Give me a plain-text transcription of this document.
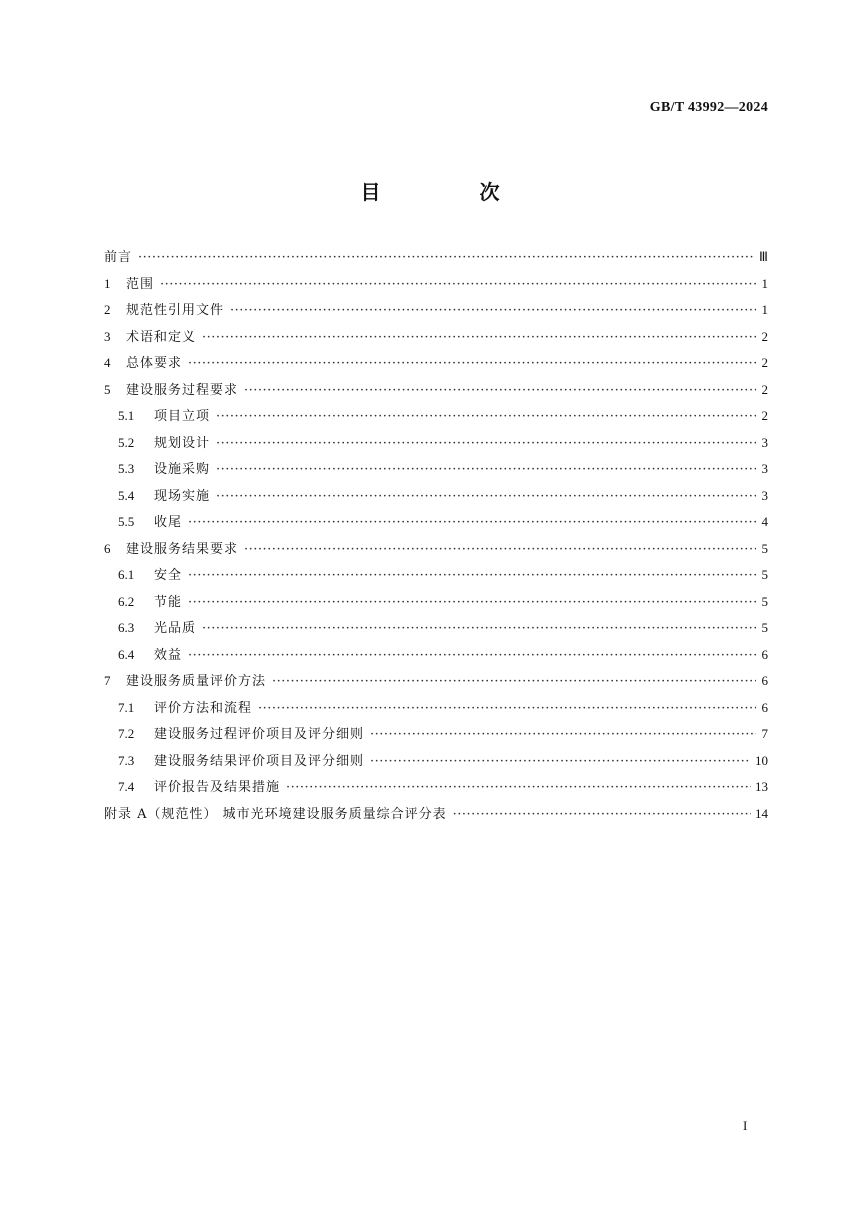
GB/T 43992—2024
目 次
前言 ·····	Ⅲ
1	范围 ·····	1
2	规范性引用文件 ·····	1
3	术语和定义 ·····	2
4	总体要求 ·····	2
5	建设服务过程要求 ·····	2
5.1	项目立项 ·····	2
5.2	规划设计 ·····	3
5.3	设施采购 ·····	3
5.4	现场实施 ·····	3
5.5	收尾 ·····	4
6	建设服务结果要求 ·····	5
6.1	安全 ·····	5
6.2	节能 ·····	5
6.3	光品质 ·····	5
6.4	效益 ·····	6
7	建设服务质量评价方法 ·····	6
7.1	评价方法和流程 ·····	6
7.2	建设服务过程评价项目及评分细则 ·····	7
7.3	建设服务结果评价项目及评分细则 ·····	10
7.4	评价报告及结果措施 ·····	13
附录 A（规范性） 城市光环境建设服务质量综合评分表 ·····	14
I
